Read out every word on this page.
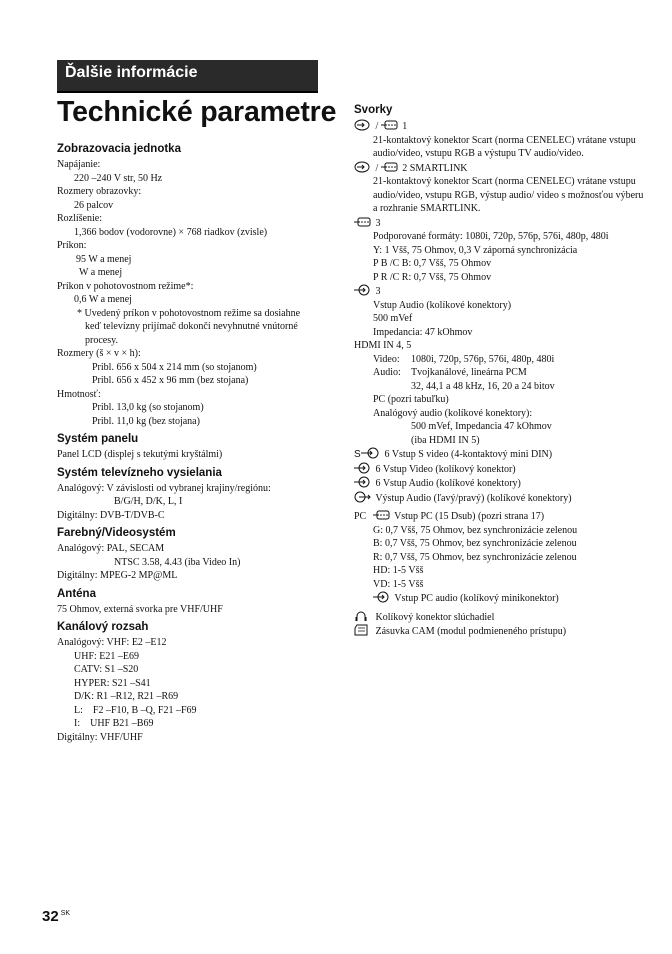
Ďalšie informácie
Technické parametre
Zobrazovacia jednotka
Napájanie:
220 –240 V str, 50 Hz
Rozmery obrazovky:
26 palcov
Rozlíšenie:
1,366 bodov (vodorovne) × 768 riadkov (zvisle)
Príkon:
95 W a menej
W a menej
Príkon v pohotovostnom režime*:
0,6 W a menej
* Uvedený príkon v pohotovostnom režime sa dosiahne keď televízny prijímač dokončí nevyhnutné vnútorné procesy.
Rozmery (š × v × h):
Pribl. 656 x 504 x 214 mm (so stojanom)
Pribl. 656 x 452 x 96 mm (bez stojana)
Hmotnosť:
Pribl. 13,0 kg (so stojanom)
Pribl. 11,0 kg (bez stojana)
Systém panelu
Panel LCD (displej s tekutými kryštálmi)
Systém televízneho vysielania
Analógový: V závislosti od vybranej krajiny/regiónu:
B/G/H, D/K, L, I
Digitálny: DVB-T/DVB-C
Farebný/Videosystém
Analógový: PAL, SECAM
NTSC 3.58, 4.43 (iba Video In)
Digitálny: MPEG-2 MP@ML
Anténa
75 Ohmov, externá svorka pre VHF/UHF
Kanálový rozsah
Analógový: VHF: E2 –E12
UHF: E21 –E69
CATV: S1 –S20
HYPER: S21 –S41
D/K: R1 –R12, R21 –R69
L:    F2 –F10, B –Q, F21 –F69
I:    UHF B21 –B69
Digitálny: VHF/UHF
Svorky
/ 1
21-kontaktový konektor Scart (norma CENELEC) vrátane vstupu audio/video, vstupu RGB a výstupu TV audio/video.
/ 2 SMARTLINK
21-kontaktový konektor Scart (norma CENELEC) vrátane vstupu audio/video, vstupu RGB, výstup audio/ video s možnosťou výberu a rozhranie SMARTLINK.
3
Podporované formáty: 1080i, 720p, 576p, 576i, 480p, 480i
Y: 1 Všš, 75 Ohmov, 0,3 V záporná synchronizácia
P B /C B: 0,7 Všš, 75 Ohmov
P R /C R: 0,7 Všš, 75 Ohmov
3
Vstup Audio (kolíkové konektory)
500 mVef
Impedancia: 47 kOhmov
HDMI IN 4, 5
Video: 1080i, 720p, 576p, 576i, 480p, 480i
Audio: Tvojkanálové, lineárna PCM
32, 44,1 a 48 kHz, 16, 20 a 24 bitov
PC (pozri tabuľku)
Analógový audio (kolíkové konektory):
500 mVef, Impedancia 47 kOhmov
(iba HDMI IN 5)
S 6 Vstup S video (4-kontaktový mini DIN)
6 Vstup Video (kolíkový konektor)
6 Vstup Audio (kolíkové konektory)
Výstup Audio (ľavý/pravý) (kolíkové konektory)
PC	Vstup PC (15 Dsub) (pozri strana 17)
G: 0,7 Všš, 75 Ohmov, bez synchronizácie zelenou
B: 0,7 Všš, 75 Ohmov, bez synchronizácie zelenou
R: 0,7 Všš, 75 Ohmov, bez synchronizácie zelenou
HD: 1-5 Všš
VD: 1-5 Všš
Vstup PC audio (kolíkový minikonektor)
Kolíkový konektor slúchadiel
Zásuvka CAM (modul podmieneného prístupu)
32 $^{SK}$
